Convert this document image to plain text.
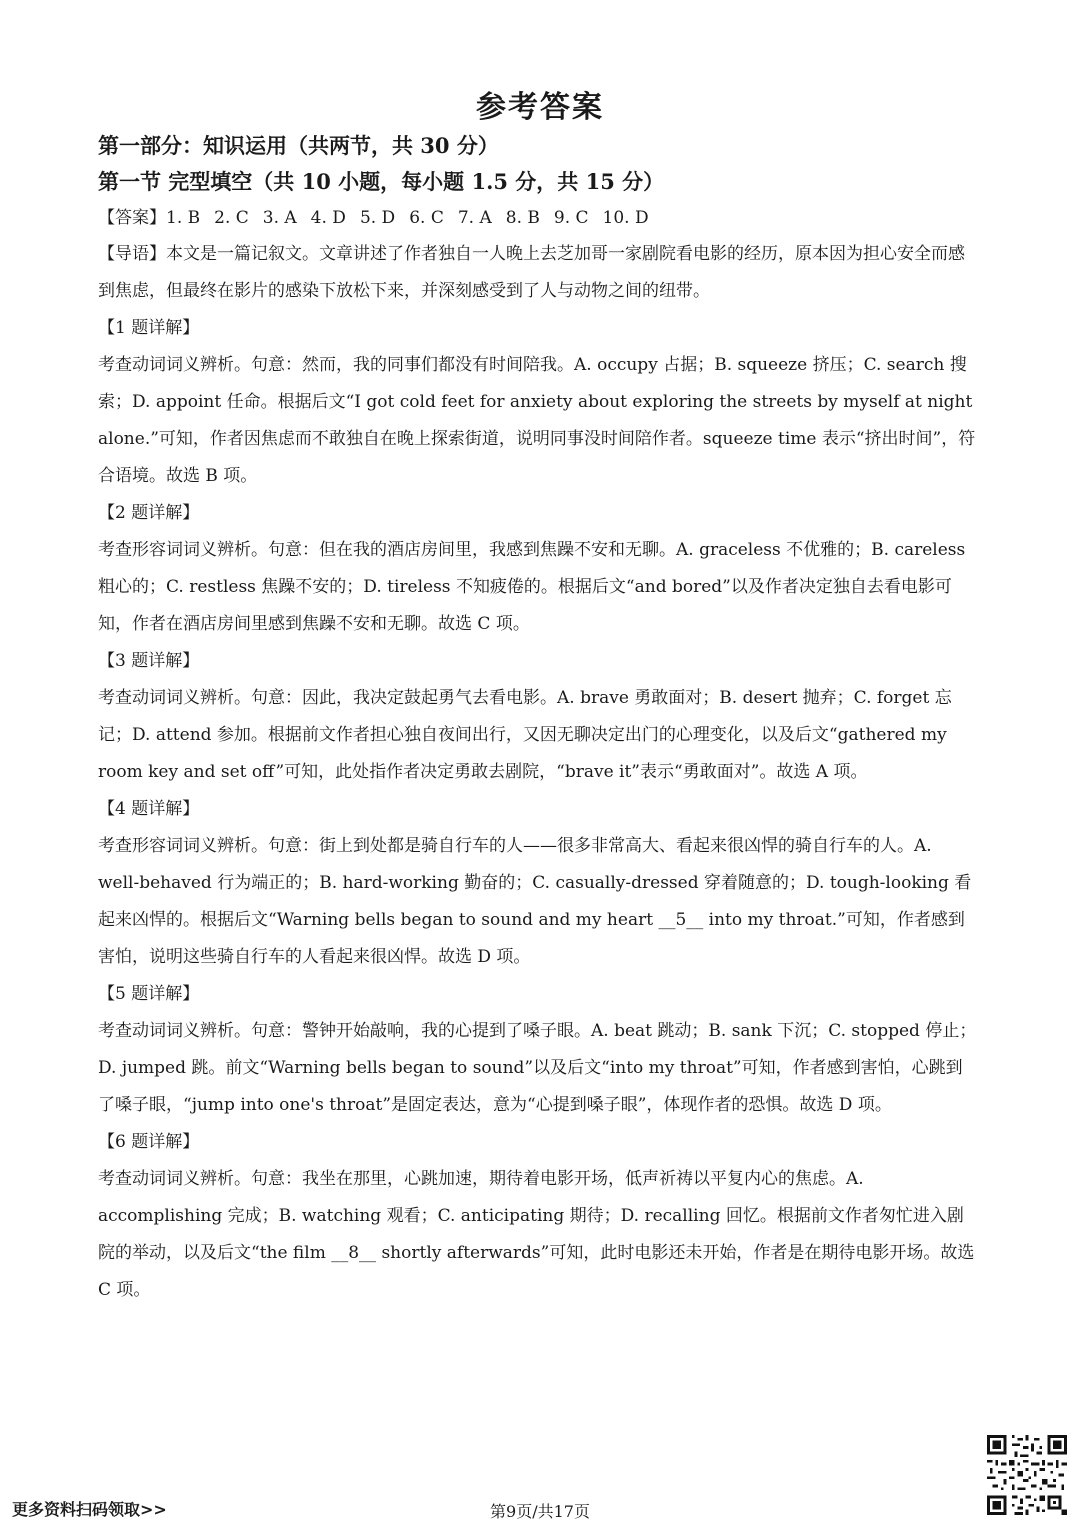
参考答案

第一部分：知识运用（共两节，共 30 分）

第一节 完型填空（共 10 小题，每小题 1.5 分，共 15 分）

【答案】1. B 2. C 3. A 4. D 5. D 6. C 7. A 8. B 9. C 10. D

【导语】本文是一篇记叙文。文章讲述了作者独自一人晚上去芝加哥一家剧院看电影的经历，原本因为担心安全而感到焦虑，但最终在影片的感染下放松下来，并深刻感受到了人与动物之间的纽带。

【1 题详解】

考查动词词义辨析。句意：然而，我的同事们都没有时间陪我。A. occupy 占据；B. squeeze 挤压；C. search 搜索；D. appoint 任命。根据后文“I got cold feet for anxiety about exploring the streets by myself at night alone.”可知，作者因焦虑而不敢独自在晚上探索街道，说明同事没时间陪作者。squeeze time 表示“挤出时间”，符合语境。故选 B 项。

【2 题详解】

考查形容词词义辨析。句意：但在我的酒店房间里，我感到焦躁不安和无聊。A. graceless 不优雅的；B. careless 粗心的；C. restless 焦躁不安的；D. tireless 不知疲倦的。根据后文“and bored”以及作者决定独自去看电影可知，作者在酒店房间里感到焦躁不安和无聊。故选 C 项。

【3 题详解】

考查动词词义辨析。句意：因此，我决定鼓起勇气去看电影。A. brave 勇敢面对；B. desert 抛弃；C. forget 忘记；D. attend 参加。根据前文作者担心独自夜间出行，又因无聊决定出门的心理变化，以及后文“gathered my room key and set off”可知，此处指作者决定勇敢去剧院，“brave it”表示“勇敢面对”。故选 A 项。

【4 题详解】

考查形容词词义辨析。句意：街上到处都是骑自行车的人——很多非常高大、看起来很凶悍的骑自行车的人。A. well-behaved 行为端正的；B. hard-working 勤奋的；C. casually-dressed 穿着随意的；D. tough-looking 看起来凶悍的。根据后文“Warning bells began to sound and my heart __5__ into my throat.”可知，作者感到害怕，说明这些骑自行车的人看起来很凶悍。故选 D 项。

【5 题详解】

考查动词词义辨析。句意：警钟开始敲响，我的心提到了嗓子眼。A. beat 跳动；B. sank 下沉；C. stopped 停止；D. jumped 跳。前文“Warning bells began to sound”以及后文“into my throat”可知，作者感到害怕，心跳到了嗓子眼，“jump into one's throat”是固定表达，意为“心提到嗓子眼”，体现作者的恐惧。故选 D 项。

【6 题详解】

考查动词词义辨析。句意：我坐在那里，心跳加速，期待着电影开场，低声祈祷以平复内心的焦虑。A. accomplishing 完成；B. watching 观看；C. anticipating 期待；D. recalling 回忆。根据前文作者匆忙进入剧院的举动，以及后文“the film __8__ shortly afterwards”可知，此时电影还未开始，作者是在期待电影开场。故选 C 项。

更多资料扫码领取>>	第9页/共17页
